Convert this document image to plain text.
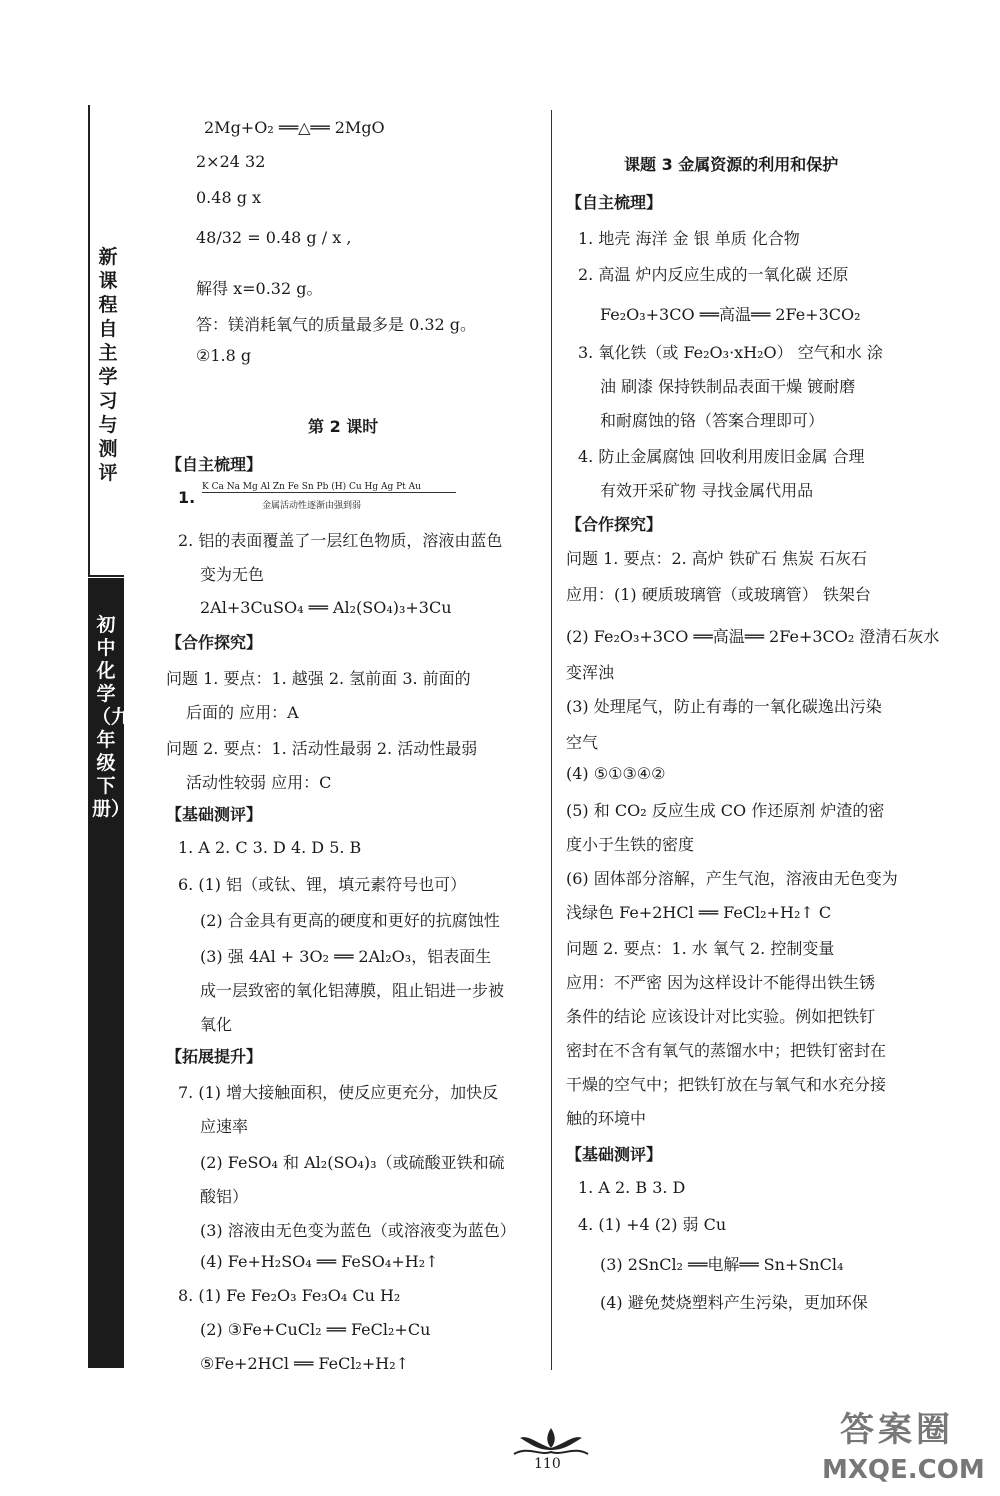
新课程自主学习与测评
初中化学（九年级下册）
2Mg+O₂ ══△══ 2MgO
2×24 32
0.48 g x
48/32 = 0.48 g / x ,
解得 x=0.32 g。
答：镁消耗氧气的质量最多是 0.32 g。
②1.8 g
第 2 课时
【自主梳理】
1.
K Ca Na Mg Al Zn Fe Sn Pb (H) Cu Hg Ag Pt Au
金属活动性逐渐由强到弱
2. 铝的表面覆盖了一层红色物质，溶液由蓝色
变为无色
2Al+3CuSO₄ ══ Al₂(SO₄)₃+3Cu
【合作探究】
问题 1. 要点：1. 越强 2. 氢前面 3. 前面的
后面的 应用：A
问题 2. 要点：1. 活动性最弱 2. 活动性最弱
活动性较弱 应用：C
【基础测评】
1. A 2. C 3. D 4. D 5. B
6. (1) 铝（或钛、锂，填元素符号也可）
(2) 合金具有更高的硬度和更好的抗腐蚀性
(3) 强 4Al + 3O₂ ══ 2Al₂O₃，铝表面生
成一层致密的氧化铝薄膜，阻止铝进一步被
氧化
【拓展提升】
7. (1) 增大接触面积，使反应更充分，加快反
应速率
(2) FeSO₄ 和 Al₂(SO₄)₃（或硫酸亚铁和硫
酸铝）
(3) 溶液由无色变为蓝色（或溶液变为蓝色）
(4) Fe+H₂SO₄ ══ FeSO₄+H₂↑
8. (1) Fe Fe₂O₃ Fe₃O₄ Cu H₂
(2) ③Fe+CuCl₂ ══ FeCl₂+Cu
⑤Fe+2HCl ══ FeCl₂+H₂↑
课题 3 金属资源的利用和保护
【自主梳理】
1. 地壳 海洋 金 银 单质 化合物
2. 高温 炉内反应生成的一氧化碳 还原
Fe₂O₃+3CO ══高温══ 2Fe+3CO₂
3. 氧化铁（或 Fe₂O₃·xH₂O） 空气和水 涂
油 刷漆 保持铁制品表面干燥 镀耐磨
和耐腐蚀的铬（答案合理即可）
4. 防止金属腐蚀 回收利用废旧金属 合理
有效开采矿物 寻找金属代用品
【合作探究】
问题 1. 要点：2. 高炉 铁矿石 焦炭 石灰石
应用：(1) 硬质玻璃管（或玻璃管） 铁架台
(2) Fe₂O₃+3CO ══高温══ 2Fe+3CO₂ 澄清石灰水
变浑浊
(3) 处理尾气，防止有毒的一氧化碳逸出污染
空气
(4) ⑤①③④②
(5) 和 CO₂ 反应生成 CO 作还原剂 炉渣的密
度小于生铁的密度
(6) 固体部分溶解，产生气泡，溶液由无色变为
浅绿色 Fe+2HCl ══ FeCl₂+H₂↑ C
问题 2. 要点：1. 水 氧气 2. 控制变量
应用：不严密 因为这样设计不能得出铁生锈
条件的结论 应该设计对比实验。例如把铁钉
密封在不含有氧气的蒸馏水中；把铁钉密封在
干燥的空气中；把铁钉放在与氧气和水充分接
触的环境中
【基础测评】
1. A 2. B 3. D
4. (1) +4 (2) 弱 Cu
(3) 2SnCl₂ ══电解══ Sn+SnCl₄
(4) 避免焚烧塑料产生污染，更加环保
110
答案圈
MXQE.COM
